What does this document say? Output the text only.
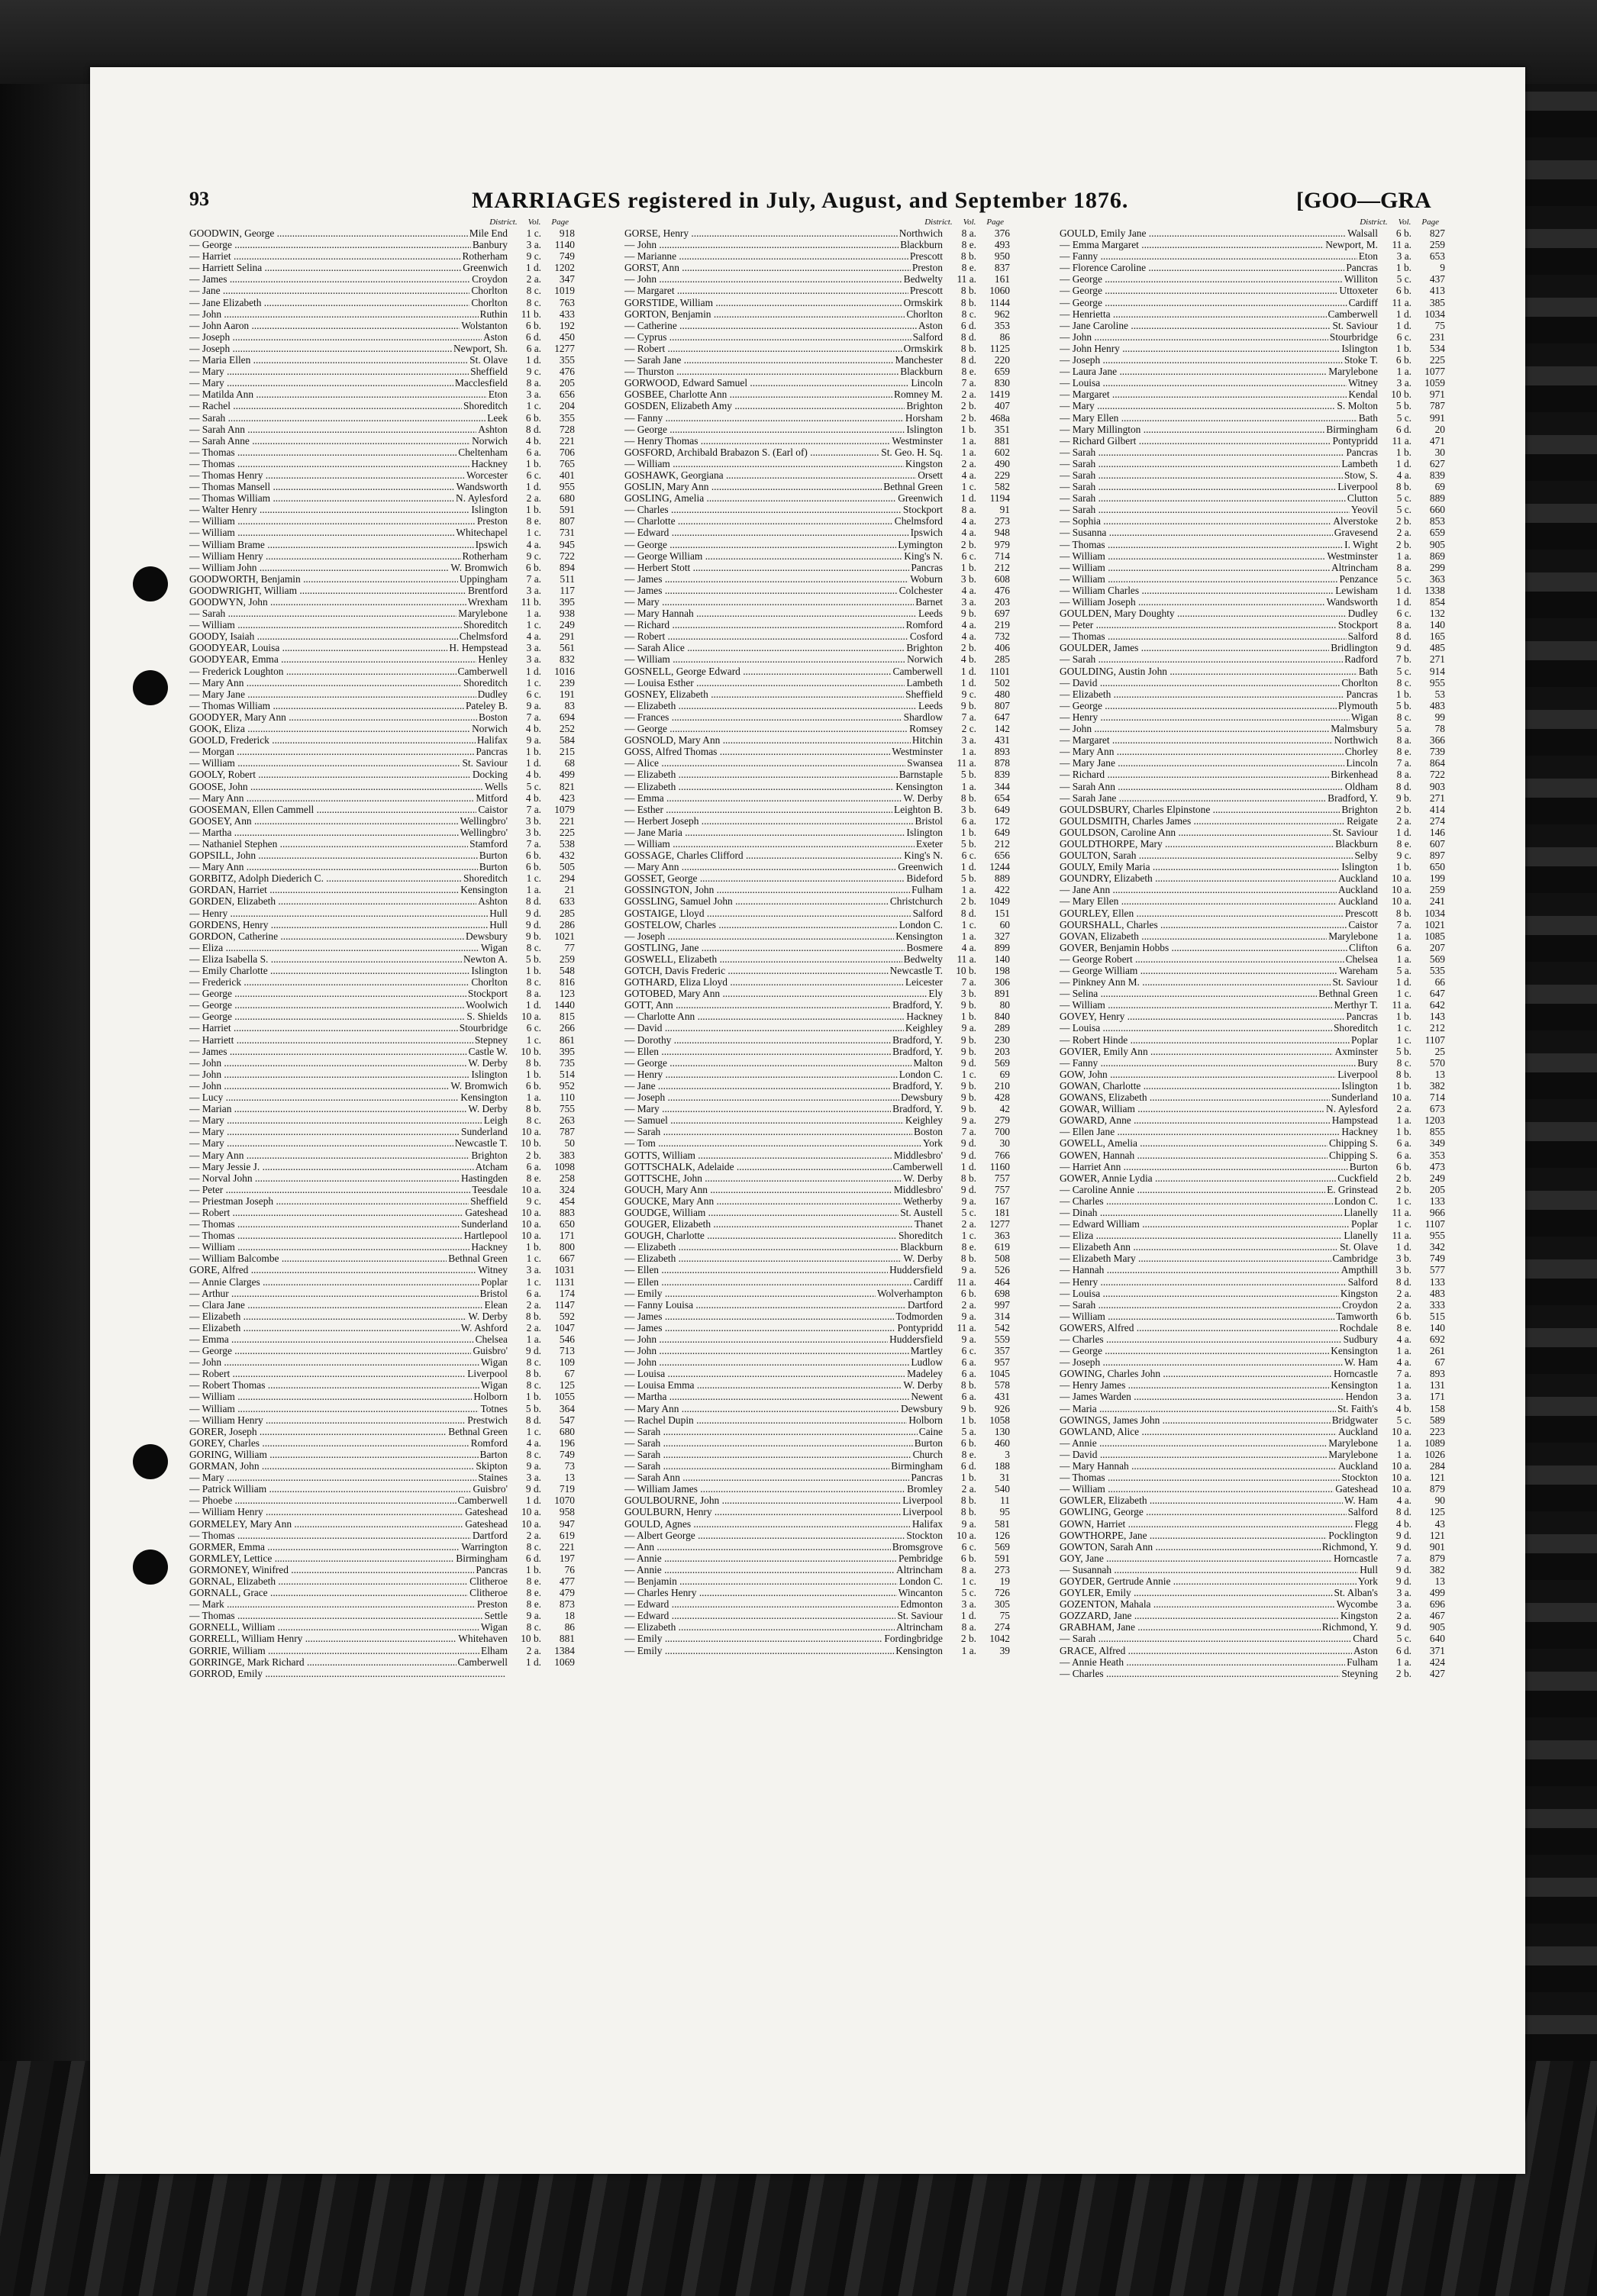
93	MARRIAGES registered in July, August, and September 1876.	[GOO—GRA
District. Vol. Page
GOODWIN, George .....	Mile End	1 c.	918
— George .....	Banbury	3 a.	1140
— Harriet .....	Rotherham	9 c.	749
— Harriett Selina .....	Greenwich	1 d.	1202
— James .....	Croydon	2 a.	347
— Jane .....	Chorlton	8 c.	1019
— Jane Elizabeth .....	Chorlton	8 c.	763
— John .....	Ruthin	11 b.	433
— John Aaron .....	Wolstanton	6 b.	192
— Joseph .....	Aston	6 d.	450
— Joseph .....	Newport, Sh.	6 a.	1277
— Maria Ellen .....	St. Olave	1 d.	355
— Mary .....	Sheffield	9 c.	476
— Mary .....	Macclesfield	8 a.	205
— Matilda Ann .....	Eton	3 a.	656
— Rachel .....	Shoreditch	1 c.	204
— Sarah .....	Leek	6 b.	355
— Sarah Ann .....	Ashton	8 d.	728
— Sarah Anne .....	Norwich	4 b.	221
— Thomas .....	Cheltenham	6 a.	706
— Thomas .....	Hackney	1 b.	765
— Thomas Henry .....	Worcester	6 c.	401
— Thomas Mansell .....	Wandsworth	1 d.	955
— Thomas William .....	N. Aylesford	2 a.	680
— Walter Henry .....	Islington	1 b.	591
— William .....	Preston	8 e.	807
— William .....	Whitechapel	1 c.	731
— William Brame .....	Ipswich	4 a.	945
— William Henry .....	Rotherham	9 c.	722
— William John .....	W. Bromwich	6 b.	894
GOODWORTH, Benjamin .....	Uppingham	7 a.	511
GOODWRIGHT, William .....	Brentford	3 a.	117
GOODWYN, John .....	Wrexham	11 b.	395
— Sarah .....	Marylebone	1 a.	938
— William .....	Shoreditch	1 c.	249
GOODY, Isaiah .....	Chelmsford	4 a.	291
GOODYEAR, Louisa .....	H. Hempstead	3 a.	561
GOODYEAR, Emma .....	Henley	3 a.	832
— Frederick Loughton .....	Camberwell	1 d.	1016
— Mary Ann .....	Shoreditch	1 c.	239
— Mary Jane .....	Dudley	6 c.	191
— Thomas William .....	Pateley B.	9 a.	83
GOODYER, Mary Ann .....	Boston	7 a.	694
GOOK, Eliza .....	Norwich	4 b.	252
GOOLD, Frederick .....	Halifax	9 a.	584
— Morgan .....	Pancras	1 b.	215
— William .....	St. Saviour	1 d.	68
GOOLY, Robert .....	Docking	4 b.	499
GOOSE, John .....	Wells	5 c.	821
— Mary Ann .....	Mitford	4 b.	423
GOOSEMAN, Ellen Cammell .....	Caistor	7 a.	1079
GOOSEY, Ann .....	Wellingbro'	3 b.	221
— Martha .....	Wellingbro'	3 b.	225
— Nathaniel Stephen .....	Stamford	7 a.	538
GOPSILL, John .....	Burton	6 b.	432
— Mary Ann .....	Burton	6 b.	505
GORBITZ, Adolph Diederich C. .....	Shoreditch	1 c.	294
GORDAN, Harriet .....	Kensington	1 a.	21
GORDEN, Elizabeth .....	Ashton	8 d.	633
— Henry .....	Hull	9 d.	285
GORDENS, Henry .....	Hull	9 d.	286
GORDON, Catherine .....	Dewsbury	9 b.	1021
— Eliza .....	Wigan	8 c.	77
— Eliza Isabella S. .....	Newton A.	5 b.	259
— Emily Charlotte .....	Islington	1 b.	548
— Frederick .....	Chorlton	8 c.	816
— George .....	Stockport	8 a.	123
— George .....	Woolwich	1 d.	1440
— George .....	S. Shields	10 a.	815
— Harriet .....	Stourbridge	6 c.	266
— Harriett .....	Stepney	1 c.	861
— James .....	Castle W.	10 b.	395
— John .....	W. Derby	8 b.	735
— John .....	Islington	1 b.	514
— John .....	W. Bromwich	6 b.	952
— Lucy .....	Kensington	1 a.	110
— Marian .....	W. Derby	8 b.	755
— Mary .....	Leigh	8 c.	263
— Mary .....	Sunderland	10 a.	787
— Mary .....	Newcastle T.	10 b.	50
— Mary Ann .....	Brighton	2 b.	383
— Mary Jessie J. .....	Atcham	6 a.	1098
— Norval John .....	Hastingden	8 e.	258
— Peter .....	Teesdale	10 a.	324
— Priestman Joseph .....	Sheffield	9 c.	454
— Robert .....	Gateshead	10 a.	883
— Thomas .....	Sunderland	10 a.	650
— Thomas .....	Hartlepool	10 a.	171
— William .....	Hackney	1 b.	800
— William Balcombe .....	Bethnal Green	1 c.	667
GORE, Alfred .....	Witney	3 a.	1031
— Annie Clarges .....	Poplar	1 c.	1131
— Arthur .....	Bristol	6 a.	174
— Clara Jane .....	Elean	2 a.	1147
— Elizabeth .....	W. Derby	8 b.	592
— Elizabeth .....	W. Ashford	2 a.	1047
— Emma .....	Chelsea	1 a.	546
— George .....	Guisbro'	9 d.	713
— John .....	Wigan	8 c.	109
— Robert .....	Liverpool	8 b.	67
— Robert Thomas .....	Wigan	8 c.	125
— William .....	Holborn	1 b.	1055
— William .....	Totnes	5 b.	364
— William Henry .....	Prestwich	8 d.	547
GORER, Joseph .....	Bethnal Green	1 c.	680
GOREY, Charles .....	Romford	4 a.	196
GORING, William .....	Barton	8 c.	749
GORMAN, John .....	Skipton	9 a.	73
— Mary .....	Staines	3 a.	13
— Patrick William .....	Guisbro'	9 d.	719
— Phoebe .....	Camberwell	1 d.	1070
— William Henry .....	Gateshead	10 a.	958
GORMELEY, Mary Ann .....	Gateshead	10 a.	947
— Thomas .....	Dartford	2 a.	619
GORMER, Emma .....	Warrington	8 c.	221
GORMLEY, Lettice .....	Birmingham	6 d.	197
GORMONEY, Winifred .....	Pancras	1 b.	76
GORNAL, Elizabeth .....	Clitheroe	8 e.	477
GORNALL, Grace .....	Clitheroe	8 e.	479
— Mark .....	Preston	8 e.	873
— Thomas .....	Settle	9 a.	18
GORNELL, William .....	Wigan	8 c.	86
GORRELL, William Henry .....	Whitehaven	10 b.	881
GORRIE, William .....	Elham	2 a.	1384
GORRINGE, Mark Richard .....	Camberwell	1 d.	1069
GORROD, Emily .....
District. Vol. Page
GORSE, Henry .....	Northwich	8 a.	376
— John .....	Blackburn	8 e.	493
— Marianne .....	Prescott	8 b.	950
GORST, Ann .....	Preston	8 e.	837
— John .....	Bedwelty	11 a.	161
— Margaret .....	Prescott	8 b.	1060
GORSTIDE, William .....	Ormskirk	8 b.	1144
GORTON, Benjamin .....	Chorlton	8 c.	962
— Catherine .....	Aston	6 d.	353
— Cyprus .....	Salford	8 d.	86
— Robert .....	Ormskirk	8 b.	1125
— Sarah Jane .....	Manchester	8 d.	220
— Thurston .....	Blackburn	8 e.	659
GORWOOD, Edward Samuel .....	Lincoln	7 a.	830
GOSBEE, Charlotte Ann .....	Romney M.	2 a.	1419
GOSDEN, Elizabeth Amy .....	Brighton	2 b.	407
— Fanny .....	Horsham	2 b.	468a
— George .....	Islington	1 b.	351
— Henry Thomas .....	Westminster	1 a.	881
GOSFORD, Archibald Brabazon S. (Earl of) .....	St. Geo. H. Sq.	1 a.	602
— William .....	Kingston	2 a.	490
GOSHAWK, Georgiana .....	Orsett	4 a.	229
GOSLIN, Mary Ann .....	Bethnal Green	1 c.	582
GOSLING, Amelia .....	Greenwich	1 d.	1194
— Charles .....	Stockport	8 a.	91
— Charlotte .....	Chelmsford	4 a.	273
— Edward .....	Ipswich	4 a.	948
— George .....	Lymington	2 b.	979
— George William .....	King's N.	6 c.	714
— Herbert Stott .....	Pancras	1 b.	212
— James .....	Woburn	3 b.	608
— James .....	Colchester	4 a.	476
— Mary .....	Barnet	3 a.	203
— Mary Hannah .....	Leeds	9 b.	697
— Richard .....	Romford	4 a.	219
— Robert .....	Cosford	4 a.	732
— Sarah Alice .....	Brighton	2 b.	406
— William .....	Norwich	4 b.	285
GOSNELL, George Edward .....	Camberwell	1 d.	1101
— Louisa Esther .....	Lambeth	1 d.	502
GOSNEY, Elizabeth .....	Sheffield	9 c.	480
— Elizabeth .....	Leeds	9 b.	807
— Frances .....	Shardlow	7 a.	647
— George .....	Romsey	2 c.	142
GOSNOLD, Mary Ann .....	Hitchin	3 a.	431
GOSS, Alfred Thomas .....	Westminster	1 a.	893
— Alice .....	Swansea	11 a.	878
— Elizabeth .....	Barnstaple	5 b.	839
— Elizabeth .....	Kensington	1 a.	344
— Emma .....	W. Derby	8 b.	654
— Esther .....	Leighton B.	3 b.	649
— Herbert Joseph .....	Bristol	6 a.	172
— Jane Maria .....	Islington	1 b.	649
— William .....	Exeter	5 b.	212
GOSSAGE, Charles Clifford .....	King's N.	6 c.	656
— Mary Ann .....	Greenwich	1 d.	1244
GOSSET, George .....	Bideford	5 b.	889
GOSSINGTON, John .....	Fulham	1 a.	422
GOSSLING, Samuel John .....	Christchurch	2 b.	1049
GOSTAIGE, Lloyd .....	Salford	8 d.	151
GOSTELOW, Charles .....	London C.	1 c.	60
— Joseph .....	Kensington	1 a.	327
GOSTLING, Jane .....	Bosmere	4 a.	899
GOSWELL, Elizabeth .....	Bedwelty	11 a.	140
GOTCH, Davis Frederic .....	Newcastle T.	10 b.	198
GOTHARD, Eliza Lloyd .....	Leicester	7 a.	306
GOTOBED, Mary Ann .....	Ely	3 b.	891
GOTT, Ann .....	Bradford, Y.	9 b.	80
— Charlotte Ann .....	Hackney	1 b.	840
— David .....	Keighley	9 a.	289
— Dorothy .....	Bradford, Y.	9 b.	230
— Ellen .....	Bradford, Y.	9 b.	203
— George .....	Malton	9 d.	569
— Henry .....	London C.	1 c.	69
— Jane .....	Bradford, Y.	9 b.	210
— Joseph .....	Dewsbury	9 b.	428
— Mary .....	Bradford, Y.	9 b.	42
— Samuel .....	Keighley	9 a.	279
— Sarah .....	Boston	7 a.	700
— Tom .....	York	9 d.	30
GOTTS, William .....	Middlesbro'	9 d.	766
GOTTSCHALK, Adelaide .....	Camberwell	1 d.	1160
GOTTSCHE, John .....	W. Derby	8 b.	757
GOUCH, Mary Ann .....	Middlesbro'	9 d.	757
GOUCKE, Mary Ann .....	Wetherby	9 a.	167
GOUDGE, William .....	St. Austell	5 c.	181
GOUGER, Elizabeth .....	Thanet	2 a.	1277
GOUGH, Charlotte .....	Shoreditch	1 c.	363
— Elizabeth .....	Blackburn	8 e.	619
— Elizabeth .....	W. Derby	8 b.	508
— Ellen .....	Huddersfield	9 a.	526
— Ellen .....	Cardiff	11 a.	464
— Emily .....	Wolverhampton	6 b.	698
— Fanny Louisa .....	Dartford	2 a.	997
— James .....	Todmorden	9 a.	314
— James .....	Pontypridd	11 a.	542
— John .....	Huddersfield	9 a.	559
— John .....	Martley	6 c.	357
— John .....	Ludlow	6 a.	957
— Louisa .....	Madeley	6 a.	1045
— Louisa Emma .....	W. Derby	8 b.	578
— Martha .....	Newent	6 a.	431
— Mary Ann .....	Dewsbury	9 b.	926
— Rachel Dupin .....	Holborn	1 b.	1058
— Sarah .....	Caine	5 a.	130
— Sarah .....	Burton	6 b.	460
— Sarah .....	Church	8 e.	3
— Sarah .....	Birmingham	6 d.	188
— Sarah Ann .....	Pancras	1 b.	31
— William James .....	Bromley	2 a.	540
GOULBOURNE, John .....	Liverpool	8 b.	11
GOULBURN, Henry .....	Liverpool	8 b.	95
GOULD, Agnes .....	Halifax	9 a.	581
— Albert George .....	Stockton	10 a.	126
— Ann .....	Bromsgrove	6 c.	569
— Annie .....	Pembridge	6 b.	591
— Annie .....	Altrincham	8 a.	273
— Benjamin .....	London C.	1 c.	19
— Charles Henry .....	Wincanton	5 c.	726
— Edward .....	Edmonton	3 a.	305
— Edward .....	St. Saviour	1 d.	75
— Elizabeth .....	Altrincham	8 a.	274
— Emily .....	Fordingbridge	2 b.	1042
— Emily .....	Kensington	1 a.	39
District. Vol. Page
GOULD, Emily Jane .....	Walsall	6 b.	827
— Emma Margaret .....	Newport, M.	11 a.	259
— Fanny .....	Eton	3 a.	653
— Florence Caroline .....	Pancras	1 b.	9
— George .....	Williton	5 c.	437
— George .....	Uttoxeter	6 b.	413
— George .....	Cardiff	11 a.	385
— Henrietta .....	Camberwell	1 d.	1034
— Jane Caroline .....	St. Saviour	1 d.	75
— John .....	Stourbridge	6 c.	231
— John Henry .....	Islington	1 b.	534
— Joseph .....	Stoke T.	6 b.	225
— Laura Jane .....	Marylebone	1 a.	1077
— Louisa .....	Witney	3 a.	1059
— Margaret .....	Kendal	10 b.	971
— Mary .....	S. Molton	5 b.	787
— Mary Ellen .....	Bath	5 c.	991
— Mary Millington .....	Birmingham	6 d.	20
— Richard Gilbert .....	Pontypridd	11 a.	471
— Sarah .....	Pancras	1 b.	30
— Sarah .....	Lambeth	1 d.	627
— Sarah .....	Stow, S.	4 a.	839
— Sarah .....	Liverpool	8 b.	69
— Sarah .....	Clutton	5 c.	889
— Sarah .....	Yeovil	5 c.	660
— Sophia .....	Alverstoke	2 b.	853
— Susanna .....	Gravesend	2 a.	659
— Thomas .....	I. Wight	2 b.	905
— William .....	Westminster	1 a.	869
— William .....	Altrincham	8 a.	299
— William .....	Penzance	5 c.	363
— William Charles .....	Lewisham	1 d.	1338
— William Joseph .....	Wandsworth	1 d.	854
GOULDEN, Mary Doughty .....	Dudley	6 c.	132
— Peter .....	Stockport	8 a.	140
— Thomas .....	Salford	8 d.	165
GOULDER, James .....	Bridlington	9 d.	485
— Sarah .....	Radford	7 b.	271
GOULDING, Austin John .....	Bath	5 c.	914
— David .....	Chorlton	8 c.	955
— Elizabeth .....	Pancras	1 b.	53
— George .....	Plymouth	5 b.	483
— Henry .....	Wigan	8 c.	99
— John .....	Malmsbury	5 a.	78
— Margaret .....	Northwich	8 a.	366
— Mary Ann .....	Chorley	8 e.	739
— Mary Jane .....	Lincoln	7 a.	864
— Richard .....	Birkenhead	8 a.	722
— Sarah Ann .....	Oldham	8 d.	903
— Sarah Jane .....	Bradford, Y.	9 b.	271
GOULDSBURY, Charles Elpinstone .....	Brighton	2 b.	414
GOULDSMITH, Charles James .....	Reigate	2 a.	274
GOULDSON, Caroline Ann .....	St. Saviour	1 d.	146
GOULDTHORPE, Mary .....	Blackburn	8 e.	607
GOULTON, Sarah .....	Selby	9 c.	897
GOULY, Emily Maria .....	Islington	1 b.	650
GOUNDRY, Elizabeth .....	Auckland	10 a.	199
— Jane Ann .....	Auckland	10 a.	259
— Mary Ellen .....	Auckland	10 a.	241
GOURLEY, Ellen .....	Prescott	8 b.	1034
GOURSHALL, Charles .....	Caistor	7 a.	1021
GOVAN, Elizabeth .....	Marylebone	1 a.	1085
GOVER, Benjamin Hobbs .....	Clifton	6 a.	207
— George Robert .....	Chelsea	1 a.	569
— George William .....	Wareham	5 a.	535
— Pinkney Ann M. .....	St. Saviour	1 d.	66
— Selina .....	Bethnal Green	1 c.	647
— William .....	Merthyr T.	11 a.	642
GOVEY, Henry .....	Pancras	1 b.	143
— Louisa .....	Shoreditch	1 c.	212
— Robert Hinde .....	Poplar	1 c.	1107
GOVIER, Emily Ann .....	Axminster	5 b.	25
— Fanny .....	Bury	8 c.	570
GOW, John .....	Liverpool	8 b.	13
GOWAN, Charlotte .....	Islington	1 b.	382
GOWANS, Elizabeth .....	Sunderland	10 a.	714
GOWAR, William .....	N. Aylesford	2 a.	673
GOWARD, Anne .....	Hampstead	1 a.	1203
— Ellen Jane .....	Hackney	1 b.	855
GOWELL, Amelia .....	Chipping S.	6 a.	349
GOWEN, Hannah .....	Chipping S.	6 a.	353
— Harriet Ann .....	Burton	6 b.	473
GOWER, Annie Lydia .....	Cuckfield	2 b.	249
— Caroline Annie .....	E. Grinstead	2 b.	205
— Charles .....	London C.	1 c.	133
— Dinah .....	Llanelly	11 a.	966
— Edward William .....	Poplar	1 c.	1107
— Eliza .....	Llanelly	11 a.	955
— Elizabeth Ann .....	St. Olave	1 d.	342
— Elizabeth Mary .....	Cambridge	3 b.	749
— Hannah .....	Ampthill	3 b.	577
— Henry .....	Salford	8 d.	133
— Louisa .....	Kingston	2 a.	483
— Sarah .....	Croydon	2 a.	333
— William .....	Tamworth	6 b.	515
GOWERS, Alfred .....	Rochdale	8 e.	140
— Charles .....	Sudbury	4 a.	692
— George .....	Kensington	1 a.	261
— Joseph .....	W. Ham	4 a.	67
GOWING, Charles John .....	Horncastle	7 a.	893
— Henry James .....	Kensington	1 a.	131
— James Warden .....	Hendon	3 a.	171
— Maria .....	St. Faith's	4 b.	158
GOWINGS, James John .....	Bridgwater	5 c.	589
GOWLAND, Alice .....	Auckland	10 a.	223
— Annie .....	Marylebone	1 a.	1089
— David .....	Marylebone	1 a.	1026
— Mary Hannah .....	Auckland	10 a.	284
— Thomas .....	Stockton	10 a.	121
— William .....	Gateshead	10 a.	879
GOWLER, Elizabeth .....	W. Ham	4 a.	90
GOWLING, George .....	Salford	8 d.	125
GOWN, Harriet .....	Flegg	4 b.	43
GOWTHORPE, Jane .....	Pocklington	9 d.	121
GOWTON, Sarah Ann .....	Richmond, Y.	9 d.	901
GOY, Jane .....	Horncastle	7 a.	879
— Susannah .....	Hull	9 d.	382
GOYDER, Gertrude Annie .....	York	9 d.	13
GOYLER, Emily .....	St. Alban's	3 a.	499
GOZENTON, Mahala .....	Wycombe	3 a.	696
GOZZARD, Jane .....	Kingston	2 a.	467
GRABHAM, Jane .....	Richmond, Y.	9 d.	905
— Sarah .....	Chard	5 c.	640
GRACE, Alfred .....	Aston	6 d.	371
— Annie Heath .....	Fulham	1 a.	424
— Charles .....	Steyning	2 b.	427
